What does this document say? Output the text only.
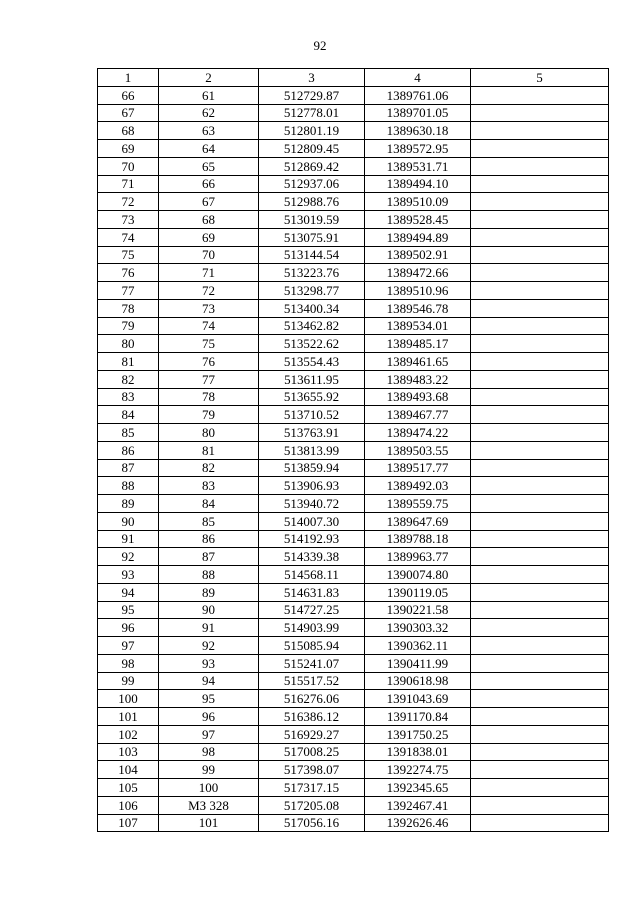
92
1	2	3	4	5
66	61	512729.87	1389761.06	
67	62	512778.01	1389701.05	
68	63	512801.19	1389630.18	
69	64	512809.45	1389572.95	
70	65	512869.42	1389531.71	
71	66	512937.06	1389494.10	
72	67	512988.76	1389510.09	
73	68	513019.59	1389528.45	
74	69	513075.91	1389494.89	
75	70	513144.54	1389502.91	
76	71	513223.76	1389472.66	
77	72	513298.77	1389510.96	
78	73	513400.34	1389546.78	
79	74	513462.82	1389534.01	
80	75	513522.62	1389485.17	
81	76	513554.43	1389461.65	
82	77	513611.95	1389483.22	
83	78	513655.92	1389493.68	
84	79	513710.52	1389467.77	
85	80	513763.91	1389474.22	
86	81	513813.99	1389503.55	
87	82	513859.94	1389517.77	
88	83	513906.93	1389492.03	
89	84	513940.72	1389559.75	
90	85	514007.30	1389647.69	
91	86	514192.93	1389788.18	
92	87	514339.38	1389963.77	
93	88	514568.11	1390074.80	
94	89	514631.83	1390119.05	
95	90	514727.25	1390221.58	
96	91	514903.99	1390303.32	
97	92	515085.94	1390362.11	
98	93	515241.07	1390411.99	
99	94	515517.52	1390618.98	
100	95	516276.06	1391043.69	
101	96	516386.12	1391170.84	
102	97	516929.27	1391750.25	
103	98	517008.25	1391838.01	
104	99	517398.07	1392274.75	
105	100	517317.15	1392345.65	
106	МЗ 328	517205.08	1392467.41	
107	101	517056.16	1392626.46	
